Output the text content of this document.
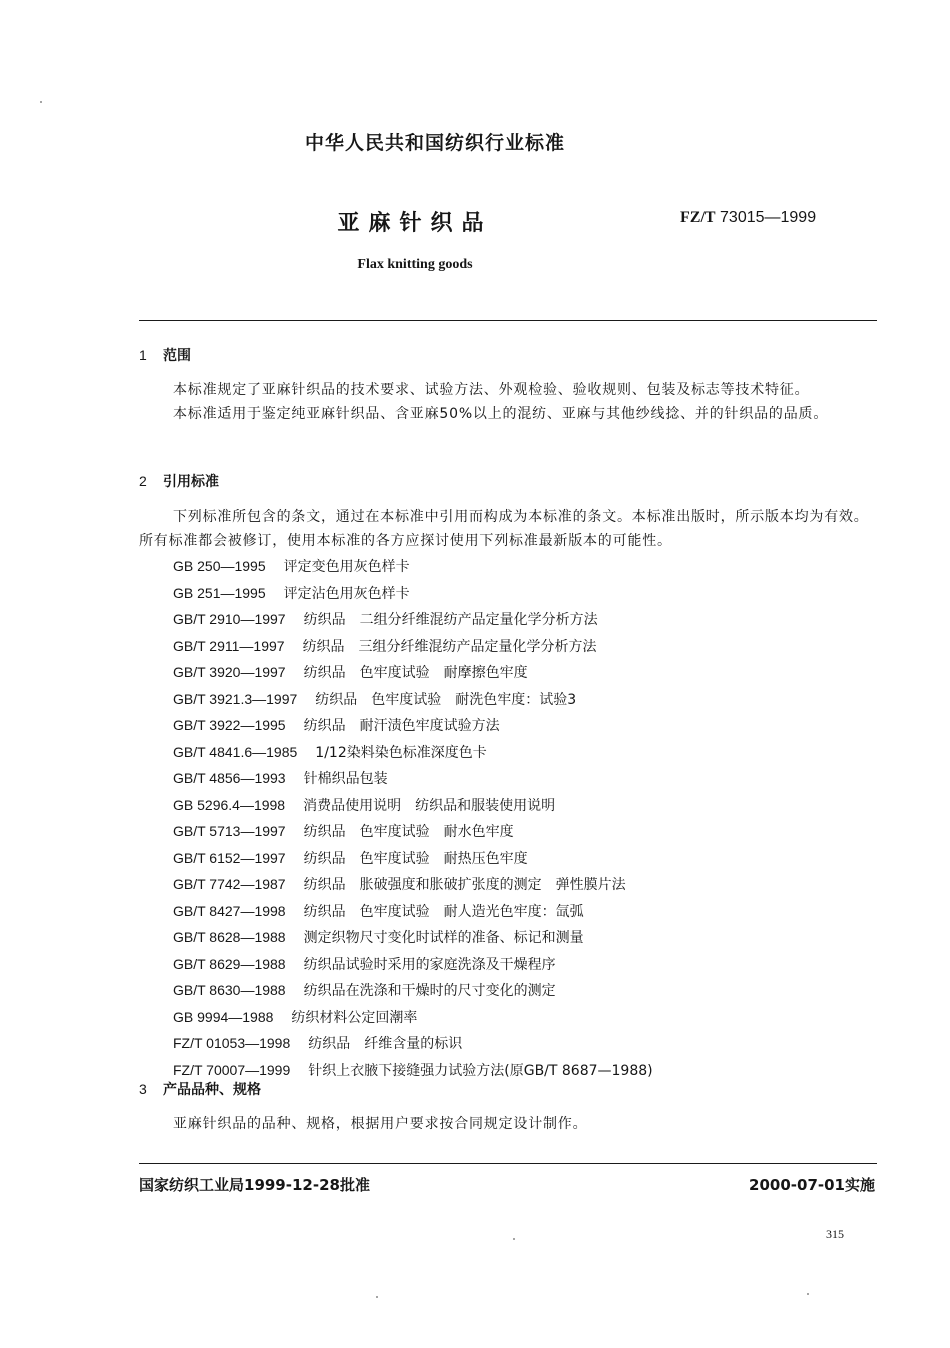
中华人民共和国纺织行业标准
亚麻针织品	FZ/T 73015—1999
Flax knitting goods
1 范围

本标准规定了亚麻针织品的技术要求、试验方法、外观检验、验收规则、包装及标志等技术特征。

本标准适用于鉴定纯亚麻针织品、含亚麻50%以上的混纺、亚麻与其他纱线捻、并的针织品的品质。

2 引用标准

下列标准所包含的条文，通过在本标准中引用而构成为本标准的条文。本标准出版时，所示版本均为有效。所有标准都会被修订，使用本标准的各方应探讨使用下列标准最新版本的可能性。

GB 250—1995 评定变色用灰色样卡
GB 251—1995 评定沾色用灰色样卡
GB/T 2910—1997 纺织品　二组分纤维混纺产品定量化学分析方法
GB/T 2911—1997 纺织品　三组分纤维混纺产品定量化学分析方法
GB/T 3920—1997 纺织品　色牢度试验　耐摩擦色牢度
GB/T 3921.3—1997 纺织品　色牢度试验　耐洗色牢度：试验3
GB/T 3922—1995 纺织品　耐汗渍色牢度试验方法
GB/T 4841.6—1985 1/12染料染色标准深度色卡
GB/T 4856—1993 针棉织品包装
GB 5296.4—1998 消费品使用说明　纺织品和服装使用说明
GB/T 5713—1997 纺织品　色牢度试验　耐水色牢度
GB/T 6152—1997 纺织品　色牢度试验　耐热压色牢度
GB/T 7742—1987 纺织品　胀破强度和胀破扩张度的测定　弹性膜片法
GB/T 8427—1998 纺织品　色牢度试验　耐人造光色牢度：氙弧
GB/T 8628—1988 测定织物尺寸变化时试样的准备、标记和测量
GB/T 8629—1988 纺织品试验时采用的家庭洗涤及干燥程序
GB/T 8630—1988 纺织品在洗涤和干燥时的尺寸变化的测定
GB 9994—1988 纺织材料公定回潮率
FZ/T 01053—1998 纺织品　纤维含量的标识
FZ/T 70007—1999 针织上衣腋下接缝强力试验方法(原GB/T 8687—1988)
3 产品品种、规格

亚麻针织品的品种、规格，根据用户要求按合同规定设计制作。

国家纺织工业局1999-12-28批准	2000-07-01实施
315
